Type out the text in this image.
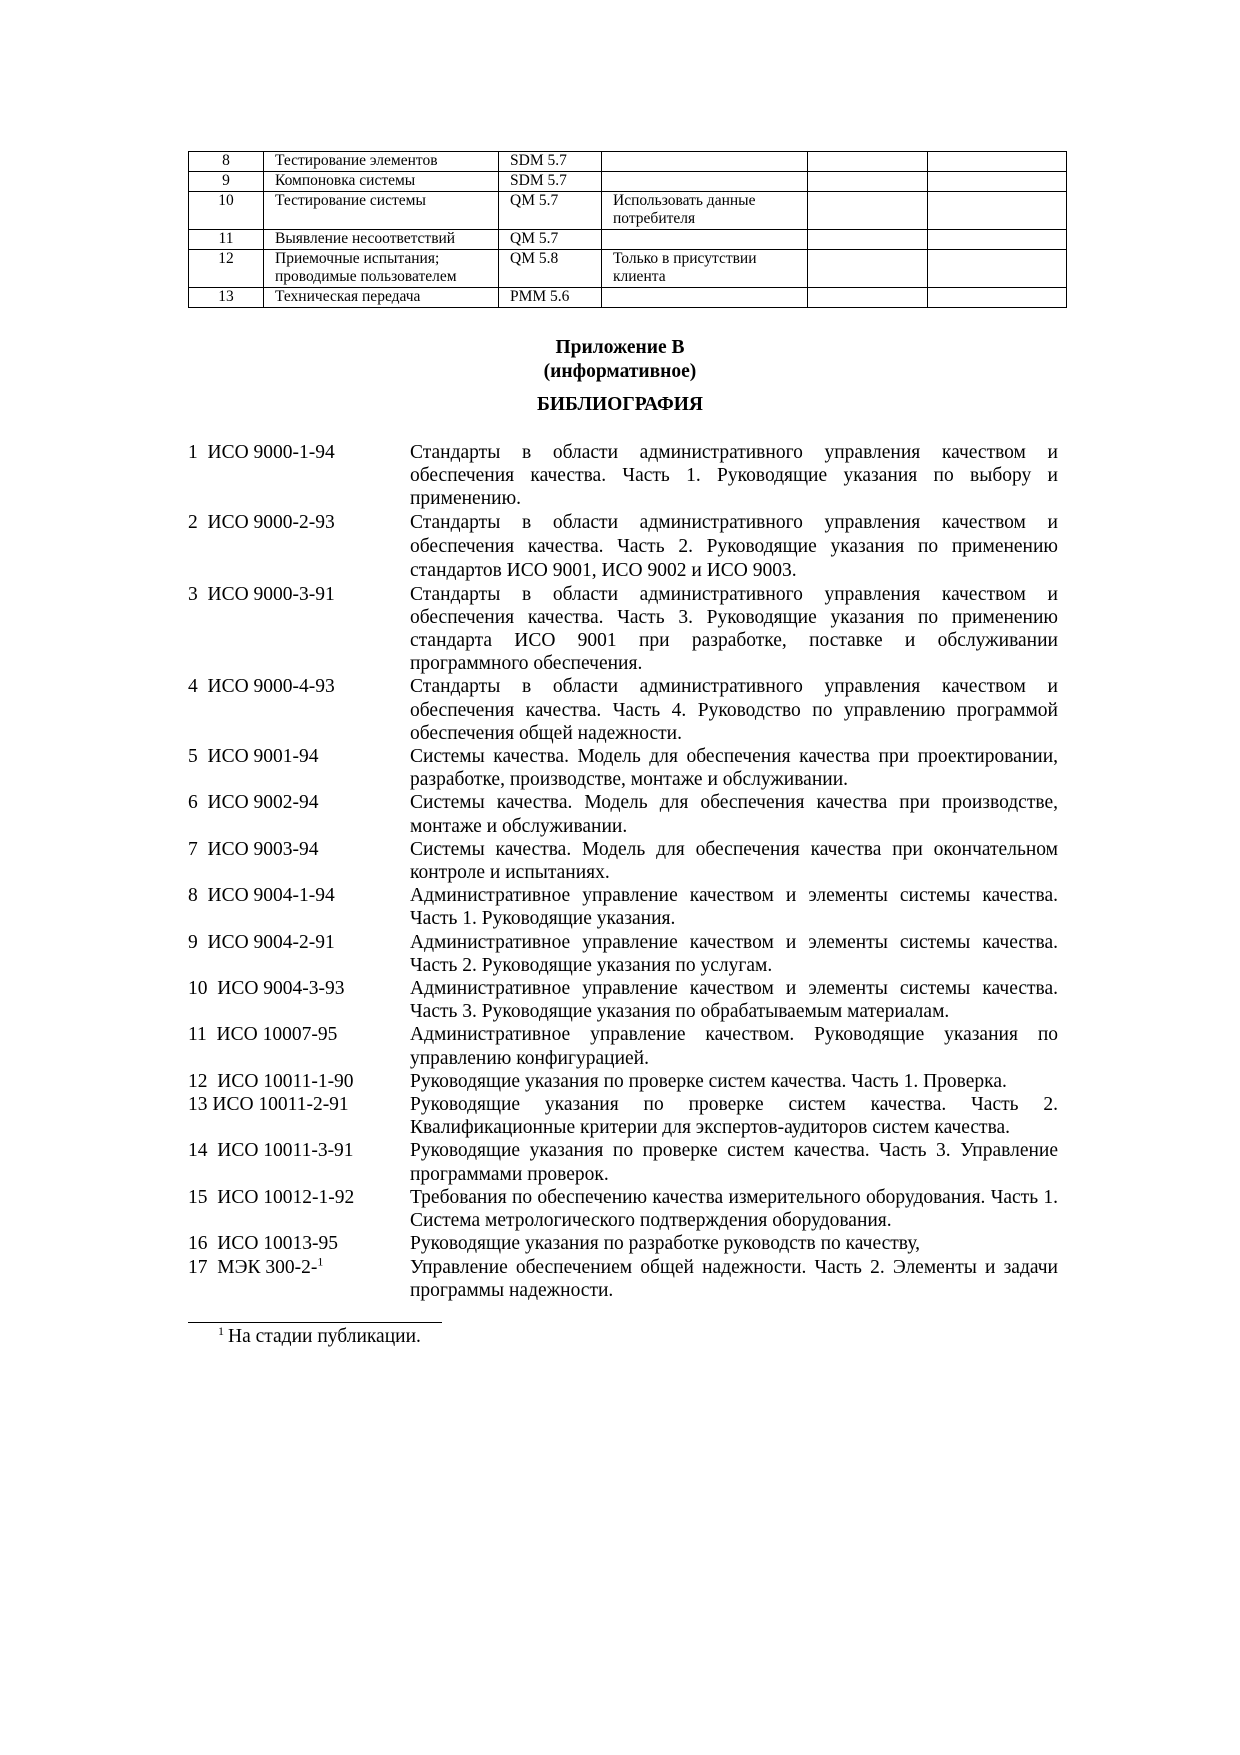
8	Тестирование элементов	SDM 5.7			
9	Компоновка системы	SDM 5.7			
10	Тестирование системы	QM 5.7	Использовать данные потребителя		
11	Выявление несоответствий	QM 5.7			
12	Приемочные испытания; проводимые пользователем	QM 5.8	Только в присутствии клиента		
13	Техническая передача	PMM 5.6			
Приложение В
(информативное)
БИБЛИОГРАФИЯ
1  ИСО 9000-1-94	Стандарты в области административного управления качеством и обеспечения качества. Часть 1. Руководящие указания по выбору и применению.
2  ИСО 9000-2-93	Стандарты в области административного управления качеством и обеспечения качества. Часть 2. Руководящие указания по применению стандартов ИСО 9001, ИСО 9002 и ИСО 9003.
3  ИСО 9000-3-91	Стандарты в области административного управления качеством и обеспечения качества. Часть 3. Руководящие указания по применению стандарта ИСО 9001 при разработке, поставке и обслуживании программного обеспечения.
4  ИСО 9000-4-93	Стандарты в области административного управления качеством и обеспечения качества. Часть 4. Руководство по управлению программой обеспечения общей надежности.
5  ИСО 9001-94	Системы качества. Модель для обеспечения качества при проектировании, разработке, производстве, монтаже и обслуживании.
6  ИСО 9002-94	Системы качества. Модель для обеспечения качества при производстве, монтаже и обслуживании.
7  ИСО 9003-94	Системы качества. Модель для обеспечения качества при окончательном контроле и испытаниях.
8  ИСО 9004-1-94	Административное управление качеством и элементы системы качества. Часть 1. Руководящие указания.
9  ИСО 9004-2-91	Административное управление качеством и элементы системы качества. Часть 2. Руководящие указания по услугам.
10  ИСО 9004-3-93	Административное управление качеством и элементы системы качества. Часть 3. Руководящие указания по обрабатываемым материалам.
11  ИСО 10007-95	Административное управление качеством. Руководящие указания по управлению конфигурацией.
12  ИСО 10011-1-90	Руководящие указания по проверке систем качества. Часть 1. Проверка.
13 ИСО 10011-2-91	Руководящие указания по проверке систем качества. Часть 2. Квалификационные критерии для экспертов-аудиторов систем качества.
14  ИСО 10011-3-91	Руководящие указания по проверке систем качества. Часть 3. Управление программами проверок.
15  ИСО 10012-1-92	Требования по обеспечению качества измерительного оборудования. Часть 1. Система метрологического подтверждения оборудования.
16  ИСО 10013-95	Руководящие указания по разработке руководств по качеству,
17  МЭК 300-2-$^1$	Управление обеспечением общей надежности. Часть 2. Элементы и задачи программы надежности.
$^1$ На стадии публикации.
